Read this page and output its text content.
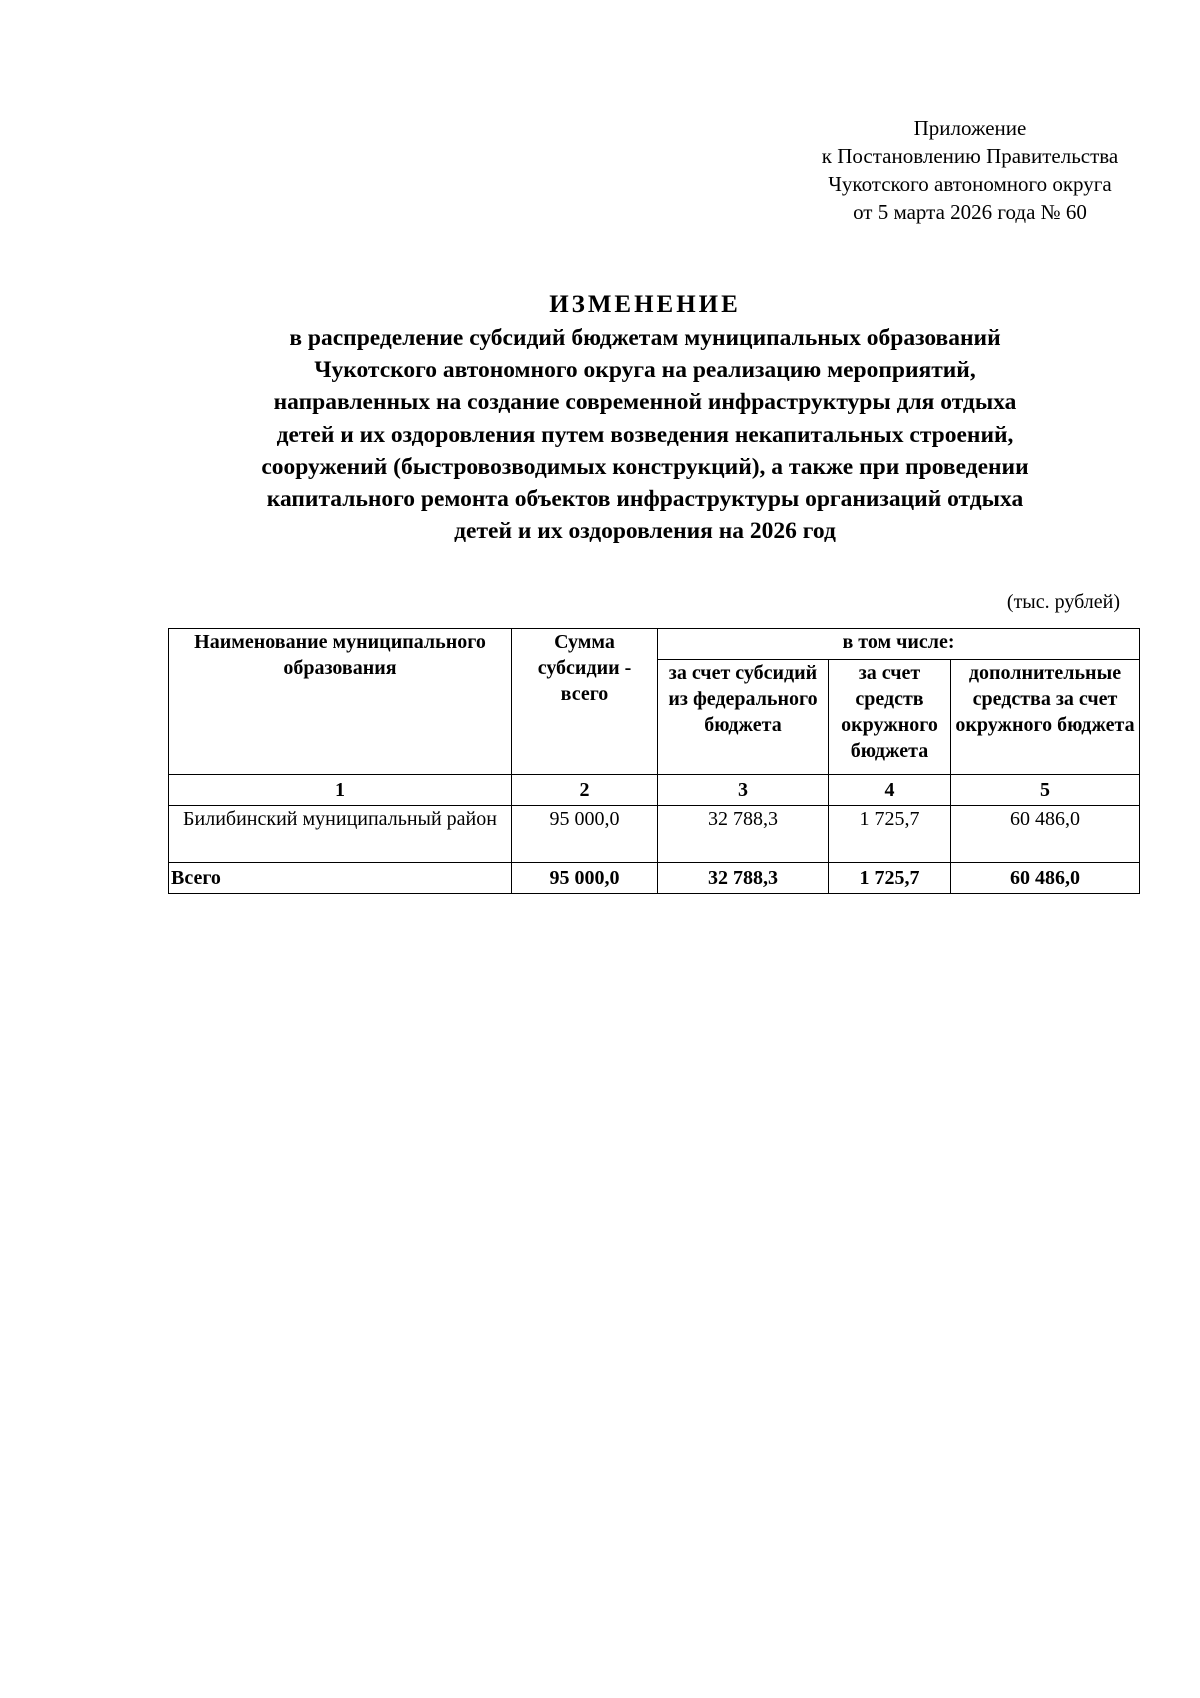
Приложение
к Постановлению Правительства
Чукотского автономного округа
от 5 марта 2026 года № 60
ИЗМЕНЕНИЕ
в распределение субсидий бюджетам муниципальных образований
Чукотского автономного округа на реализацию мероприятий,
направленных на создание современной инфраструктуры для отдыха
детей и их оздоровления путем возведения некапитальных строений,
сооружений (быстровозводимых конструкций), а также при проведении
капитального ремонта объектов инфраструктуры организаций отдыха
детей и их оздоровления на 2026 год
(тыс. рублей)
Наименование муниципального образования	Сумма субсидии - всего	в том числе:		
		за счет субсидий из федерального бюджета	за счет средств окружного бюджета	дополнительные средства за счет окружного бюджета
1	2	3	4	5
Билибинский муниципальный район	95 000,0	32 788,3	1 725,7	60 486,0
Всего	95 000,0	32 788,3	1 725,7	60 486,0
